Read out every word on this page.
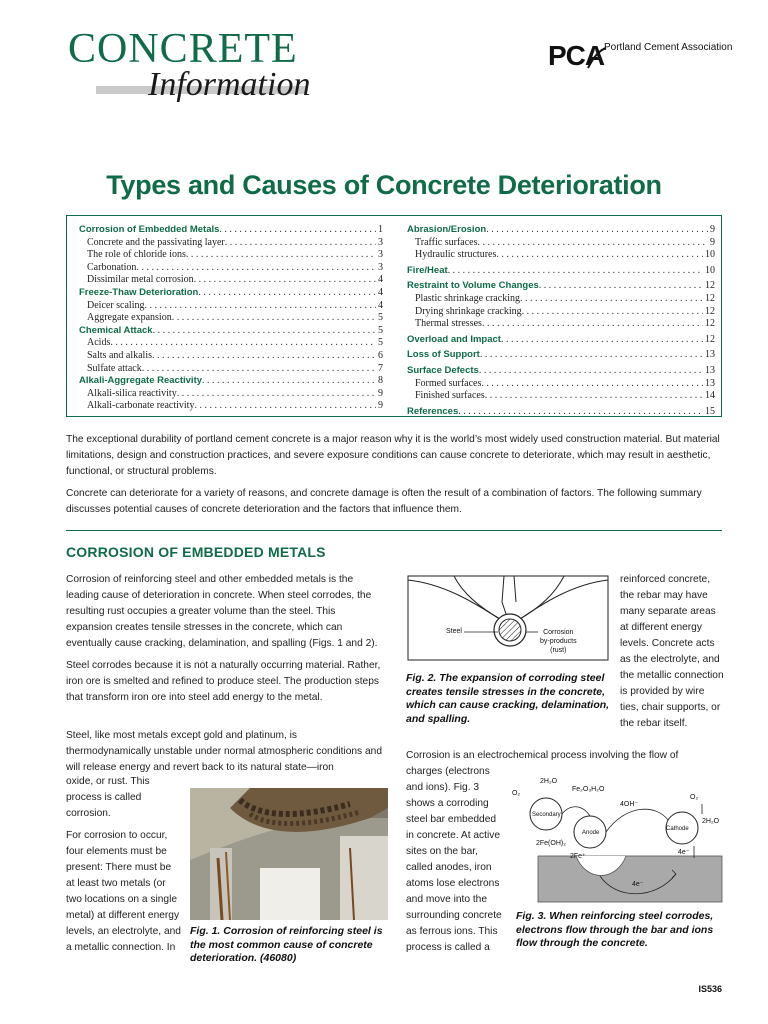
CONCRETE
Information
PCA Portland Cement Association
Types and Causes of Concrete Deterioration
Corrosion of Embedded Metals . . .	1
Concrete and the passivating layer . . .	3
The role of chloride ions . . .	3
Carbonation . . .	3
Dissimilar metal corrosion . . .	4
Freeze-Thaw Deterioration . . .	4
Deicer scaling . . .	4
Aggregate expansion . . .	5
Chemical Attack . . .	5
Acids . . .	5
Salts and alkalis . . .	6
Sulfate attack . . .	7
Alkali-Aggregate Reactivity . . .	8
Alkali-silica reactivity . . .	9
Alkali-carbonate reactivity . . .	9
Abrasion/Erosion . . .	9
Traffic surfaces . . .	9
Hydraulic structures . . .	10
Fire/Heat . . .	10
Restraint to Volume Changes . . .	12
Plastic shrinkage cracking . . .	12
Drying shrinkage cracking . . .	12
Thermal stresses . . .	12
Overload and Impact . . .	12
Loss of Support . . .	13
Surface Defects . . .	13
Formed surfaces . . .	13
Finished surfaces . . .	14
References . . .	15
The exceptional durability of portland cement concrete is a major reason why it is the world’s most widely used construction material. But material limitations, design and construction practices, and severe exposure conditions can cause concrete to deteriorate, which may result in aesthetic, functional, or structural problems.
Concrete can deteriorate for a variety of reasons, and concrete damage is often the result of a combination of factors. The following summary discusses potential causes of concrete deterioration and the factors that influence them.
CORROSION OF EMBEDDED METALS
Corrosion of reinforcing steel and other embedded metals is the leading cause of deterioration in concrete. When steel corrodes, the resulting rust occupies a greater volume than the steel. This expansion creates tensile stresses in the concrete, which can eventually cause cracking, delamination, and spalling (Figs. 1 and 2).
Steel corrodes because it is not a naturally occurring material. Rather, iron ore is smelted and refined to produce steel. The production steps that transform iron ore into steel add energy to the metal.
Steel, like most metals except gold and platinum, is thermodynamically unstable under normal atmospheric conditions and will release energy and revert back to its natural state—iron
oxide, or rust. This process is called corrosion.
For corrosion to occur, four elements must be present: There must be at least two metals (or two locations on a single metal) at different energy levels, an electrolyte, and a metallic connection. In
Fig. 1. Corrosion of reinforcing steel is the most common cause of concrete deterioration. (46080)
Steel	Corrosion
by-products
(rust)
Fig. 2. The expansion of corroding steel creates tensile stresses in the concrete, which can cause cracking, delamination, and spalling.
reinforced concrete, the rebar may have many separate areas at different energy levels. Concrete acts as the electrolyte, and the metallic connection is provided by wire ties, chair supports, or the rebar itself.
Corrosion is an electrochemical process involving the flow of
charges (electrons and ions). Fig. 3 shows a corroding steel bar embedded in concrete. At active sites on the bar, called anodes, iron atoms lose electrons and move into the surrounding concrete as ferrous ions. This process is called a
2H₂O
Fe₂O₃H₂O
O₂
O₂
4OH⁻
Secondary
Anode
Cathode
2H₂O
2Fe(OH)₂
2Fe⁺
4e⁻
4e⁻
Fig. 3. When reinforcing steel corrodes, electrons flow through the bar and ions flow through the concrete.
IS536
